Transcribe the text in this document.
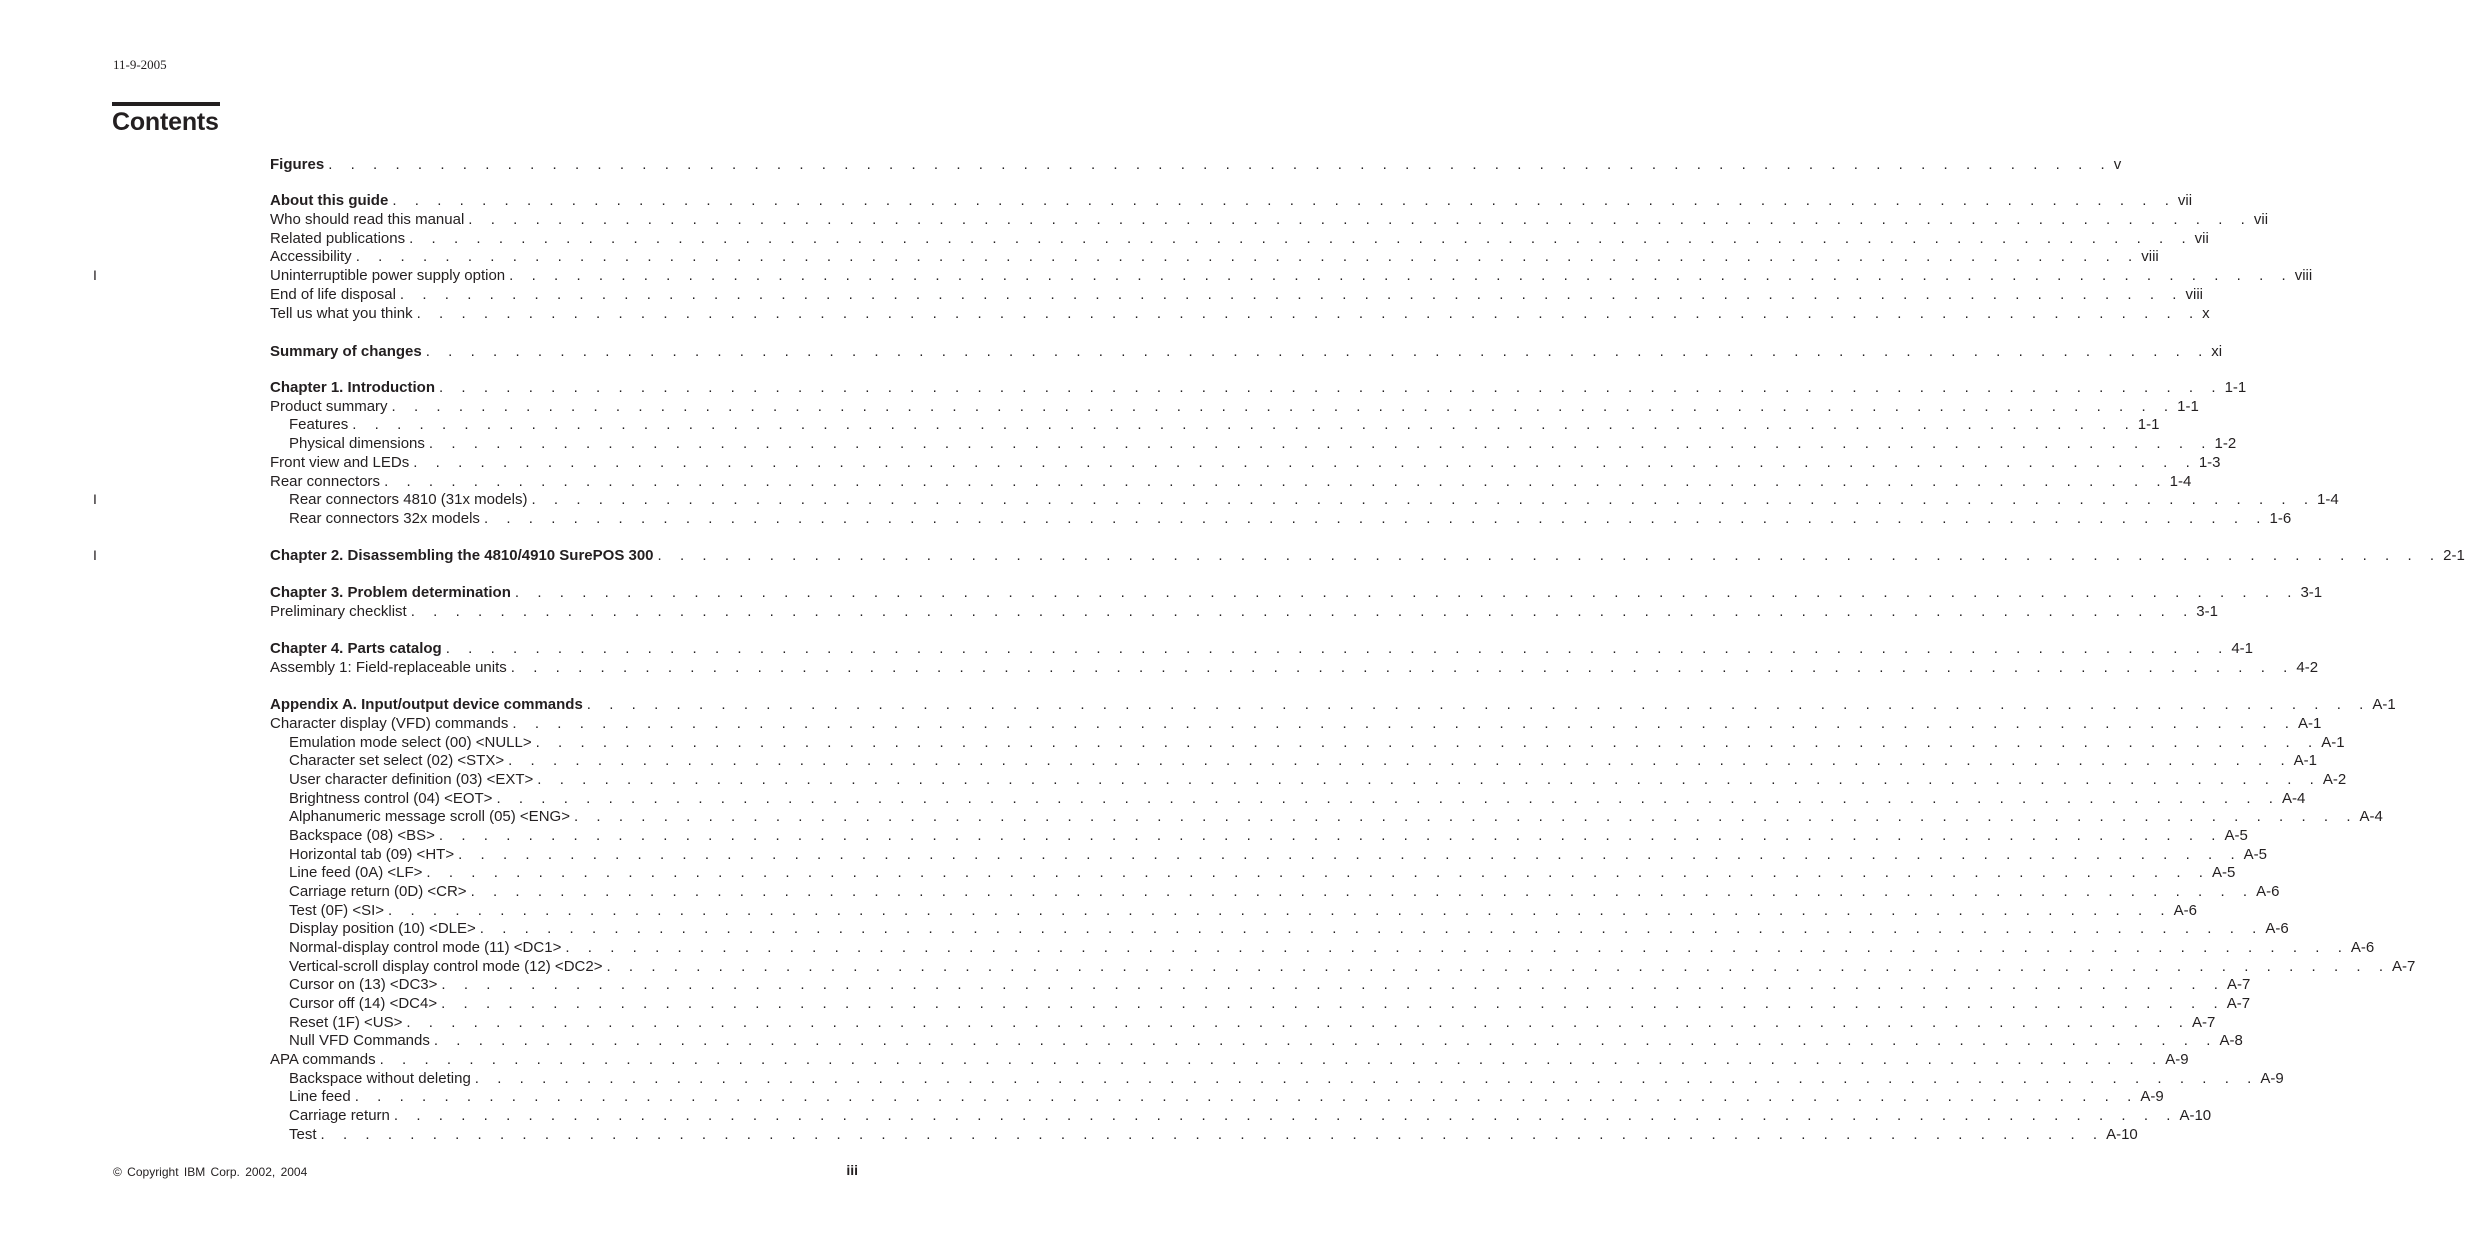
11-9-2005
Contents
Figures . . . . . . . . . . . . . . . . . . . . . . . . . . . . . . . . . . . . . . . . . . . . . . . . . . . . . . . . . . . . . . . . . . . . . . . . . . . . . . . . v
About this guide . . . . . . . . . . . . . . . . . . . . . . . . . . . . . . . . . . . . . . . . . . . . . . . . . . . . . . . . . . . . . . . . . . . . . . . . . . . . . . . . vii
Who should read this manual . . . . . . . . . . . . . . . . . . . . . . . . . . . . . . . . . . . . . . . . . . . . . . . . . . . . . . . . . . . . . . . . . . . . . . . . . . . . . . . . vii
Related publications . . . . . . . . . . . . . . . . . . . . . . . . . . . . . . . . . . . . . . . . . . . . . . . . . . . . . . . . . . . . . . . . . . . . . . . . . . . . . . . . vii
Accessibility . . . . . . . . . . . . . . . . . . . . . . . . . . . . . . . . . . . . . . . . . . . . . . . . . . . . . . . . . . . . . . . . . . . . . . . . . . . . . . . . viii
Uninterruptible power supply option . . . . . . . . . . . . . . . . . . . . . . . . . . . . . . . . . . . . . . . . . . . . . . . . . . . . . . . . . . . . . . . . . . . . . . . . . . . . . . . . viii
I
End of life disposal . . . . . . . . . . . . . . . . . . . . . . . . . . . . . . . . . . . . . . . . . . . . . . . . . . . . . . . . . . . . . . . . . . . . . . . . . . . . . . . . viii
Tell us what you think . . . . . . . . . . . . . . . . . . . . . . . . . . . . . . . . . . . . . . . . . . . . . . . . . . . . . . . . . . . . . . . . . . . . . . . . . . . . . . . . x
Summary of changes . . . . . . . . . . . . . . . . . . . . . . . . . . . . . . . . . . . . . . . . . . . . . . . . . . . . . . . . . . . . . . . . . . . . . . . . . . . . . . . . xi
Chapter 1. Introduction . . . . . . . . . . . . . . . . . . . . . . . . . . . . . . . . . . . . . . . . . . . . . . . . . . . . . . . . . . . . . . . . . . . . . . . . . . . . . . . . 1-1
Product summary . . . . . . . . . . . . . . . . . . . . . . . . . . . . . . . . . . . . . . . . . . . . . . . . . . . . . . . . . . . . . . . . . . . . . . . . . . . . . . . . 1-1
Features . . . . . . . . . . . . . . . . . . . . . . . . . . . . . . . . . . . . . . . . . . . . . . . . . . . . . . . . . . . . . . . . . . . . . . . . . . . . . . . . 1-1
Physical dimensions . . . . . . . . . . . . . . . . . . . . . . . . . . . . . . . . . . . . . . . . . . . . . . . . . . . . . . . . . . . . . . . . . . . . . . . . . . . . . . . . 1-2
Front view and LEDs . . . . . . . . . . . . . . . . . . . . . . . . . . . . . . . . . . . . . . . . . . . . . . . . . . . . . . . . . . . . . . . . . . . . . . . . . . . . . . . . 1-3
Rear connectors . . . . . . . . . . . . . . . . . . . . . . . . . . . . . . . . . . . . . . . . . . . . . . . . . . . . . . . . . . . . . . . . . . . . . . . . . . . . . . . . 1-4
Rear connectors 4810 (31x models) . . . . . . . . . . . . . . . . . . . . . . . . . . . . . . . . . . . . . . . . . . . . . . . . . . . . . . . . . . . . . . . . . . . . . . . . . . . . . . . . 1-4
I
Rear connectors 32x models . . . . . . . . . . . . . . . . . . . . . . . . . . . . . . . . . . . . . . . . . . . . . . . . . . . . . . . . . . . . . . . . . . . . . . . . . . . . . . . . 1-6
Chapter 2. Disassembling the 4810/4910 SurePOS 300 . . . . . . . . . . . . . . . . . . . . . . . . . . . . . . . . . . . . . . . . . . . . . . . . . . . . . . . . . . . . . . . . . . . . . . . . . . . . . . . . 2-1
I
Chapter 3. Problem determination . . . . . . . . . . . . . . . . . . . . . . . . . . . . . . . . . . . . . . . . . . . . . . . . . . . . . . . . . . . . . . . . . . . . . . . . . . . . . . . . 3-1
Preliminary checklist . . . . . . . . . . . . . . . . . . . . . . . . . . . . . . . . . . . . . . . . . . . . . . . . . . . . . . . . . . . . . . . . . . . . . . . . . . . . . . . . 3-1
Chapter 4. Parts catalog . . . . . . . . . . . . . . . . . . . . . . . . . . . . . . . . . . . . . . . . . . . . . . . . . . . . . . . . . . . . . . . . . . . . . . . . . . . . . . . . 4-1
Assembly 1: Field-replaceable units . . . . . . . . . . . . . . . . . . . . . . . . . . . . . . . . . . . . . . . . . . . . . . . . . . . . . . . . . . . . . . . . . . . . . . . . . . . . . . . . 4-2
Appendix A. Input/output device commands . . . . . . . . . . . . . . . . . . . . . . . . . . . . . . . . . . . . . . . . . . . . . . . . . . . . . . . . . . . . . . . . . . . . . . . . . . . . . . . . A-1
Character display (VFD) commands . . . . . . . . . . . . . . . . . . . . . . . . . . . . . . . . . . . . . . . . . . . . . . . . . . . . . . . . . . . . . . . . . . . . . . . . . . . . . . . . A-1
Emulation mode select (00) <NULL> . . . . . . . . . . . . . . . . . . . . . . . . . . . . . . . . . . . . . . . . . . . . . . . . . . . . . . . . . . . . . . . . . . . . . . . . . . . . . . . . A-1
Character set select (02) <STX> . . . . . . . . . . . . . . . . . . . . . . . . . . . . . . . . . . . . . . . . . . . . . . . . . . . . . . . . . . . . . . . . . . . . . . . . . . . . . . . . A-1
User character definition (03) <EXT> . . . . . . . . . . . . . . . . . . . . . . . . . . . . . . . . . . . . . . . . . . . . . . . . . . . . . . . . . . . . . . . . . . . . . . . . . . . . . . . . A-2
Brightness control (04) <EOT> . . . . . . . . . . . . . . . . . . . . . . . . . . . . . . . . . . . . . . . . . . . . . . . . . . . . . . . . . . . . . . . . . . . . . . . . . . . . . . . . A-4
Alphanumeric message scroll (05) <ENG> . . . . . . . . . . . . . . . . . . . . . . . . . . . . . . . . . . . . . . . . . . . . . . . . . . . . . . . . . . . . . . . . . . . . . . . . . . . . . . . . A-4
Backspace (08) <BS> . . . . . . . . . . . . . . . . . . . . . . . . . . . . . . . . . . . . . . . . . . . . . . . . . . . . . . . . . . . . . . . . . . . . . . . . . . . . . . . . A-5
Horizontal tab (09) <HT> . . . . . . . . . . . . . . . . . . . . . . . . . . . . . . . . . . . . . . . . . . . . . . . . . . . . . . . . . . . . . . . . . . . . . . . . . . . . . . . . A-5
Line feed (0A) <LF> . . . . . . . . . . . . . . . . . . . . . . . . . . . . . . . . . . . . . . . . . . . . . . . . . . . . . . . . . . . . . . . . . . . . . . . . . . . . . . . . A-5
Carriage return (0D) <CR> . . . . . . . . . . . . . . . . . . . . . . . . . . . . . . . . . . . . . . . . . . . . . . . . . . . . . . . . . . . . . . . . . . . . . . . . . . . . . . . . A-6
Test (0F) <SI> . . . . . . . . . . . . . . . . . . . . . . . . . . . . . . . . . . . . . . . . . . . . . . . . . . . . . . . . . . . . . . . . . . . . . . . . . . . . . . . . A-6
Display position (10) <DLE> . . . . . . . . . . . . . . . . . . . . . . . . . . . . . . . . . . . . . . . . . . . . . . . . . . . . . . . . . . . . . . . . . . . . . . . . . . . . . . . . A-6
Normal-display control mode (11) <DC1> . . . . . . . . . . . . . . . . . . . . . . . . . . . . . . . . . . . . . . . . . . . . . . . . . . . . . . . . . . . . . . . . . . . . . . . . . . . . . . . . A-6
Vertical-scroll display control mode (12) <DC2> . . . . . . . . . . . . . . . . . . . . . . . . . . . . . . . . . . . . . . . . . . . . . . . . . . . . . . . . . . . . . . . . . . . . . . . . . . . . . . . . A-7
Cursor on (13) <DC3> . . . . . . . . . . . . . . . . . . . . . . . . . . . . . . . . . . . . . . . . . . . . . . . . . . . . . . . . . . . . . . . . . . . . . . . . . . . . . . . . A-7
Cursor off (14) <DC4> . . . . . . . . . . . . . . . . . . . . . . . . . . . . . . . . . . . . . . . . . . . . . . . . . . . . . . . . . . . . . . . . . . . . . . . . . . . . . . . . A-7
Reset (1F) <US> . . . . . . . . . . . . . . . . . . . . . . . . . . . . . . . . . . . . . . . . . . . . . . . . . . . . . . . . . . . . . . . . . . . . . . . . . . . . . . . . A-7
Null VFD Commands . . . . . . . . . . . . . . . . . . . . . . . . . . . . . . . . . . . . . . . . . . . . . . . . . . . . . . . . . . . . . . . . . . . . . . . . . . . . . . . . A-8
APA commands . . . . . . . . . . . . . . . . . . . . . . . . . . . . . . . . . . . . . . . . . . . . . . . . . . . . . . . . . . . . . . . . . . . . . . . . . . . . . . . . A-9
Backspace without deleting . . . . . . . . . . . . . . . . . . . . . . . . . . . . . . . . . . . . . . . . . . . . . . . . . . . . . . . . . . . . . . . . . . . . . . . . . . . . . . . . A-9
Line feed . . . . . . . . . . . . . . . . . . . . . . . . . . . . . . . . . . . . . . . . . . . . . . . . . . . . . . . . . . . . . . . . . . . . . . . . . . . . . . . . A-9
Carriage return . . . . . . . . . . . . . . . . . . . . . . . . . . . . . . . . . . . . . . . . . . . . . . . . . . . . . . . . . . . . . . . . . . . . . . . . . . . . . . . . A-10
Test . . . . . . . . . . . . . . . . . . . . . . . . . . . . . . . . . . . . . . . . . . . . . . . . . . . . . . . . . . . . . . . . . . . . . . . . . . . . . . . . A-10
© Copyright IBM Corp. 2002, 2004	iii
